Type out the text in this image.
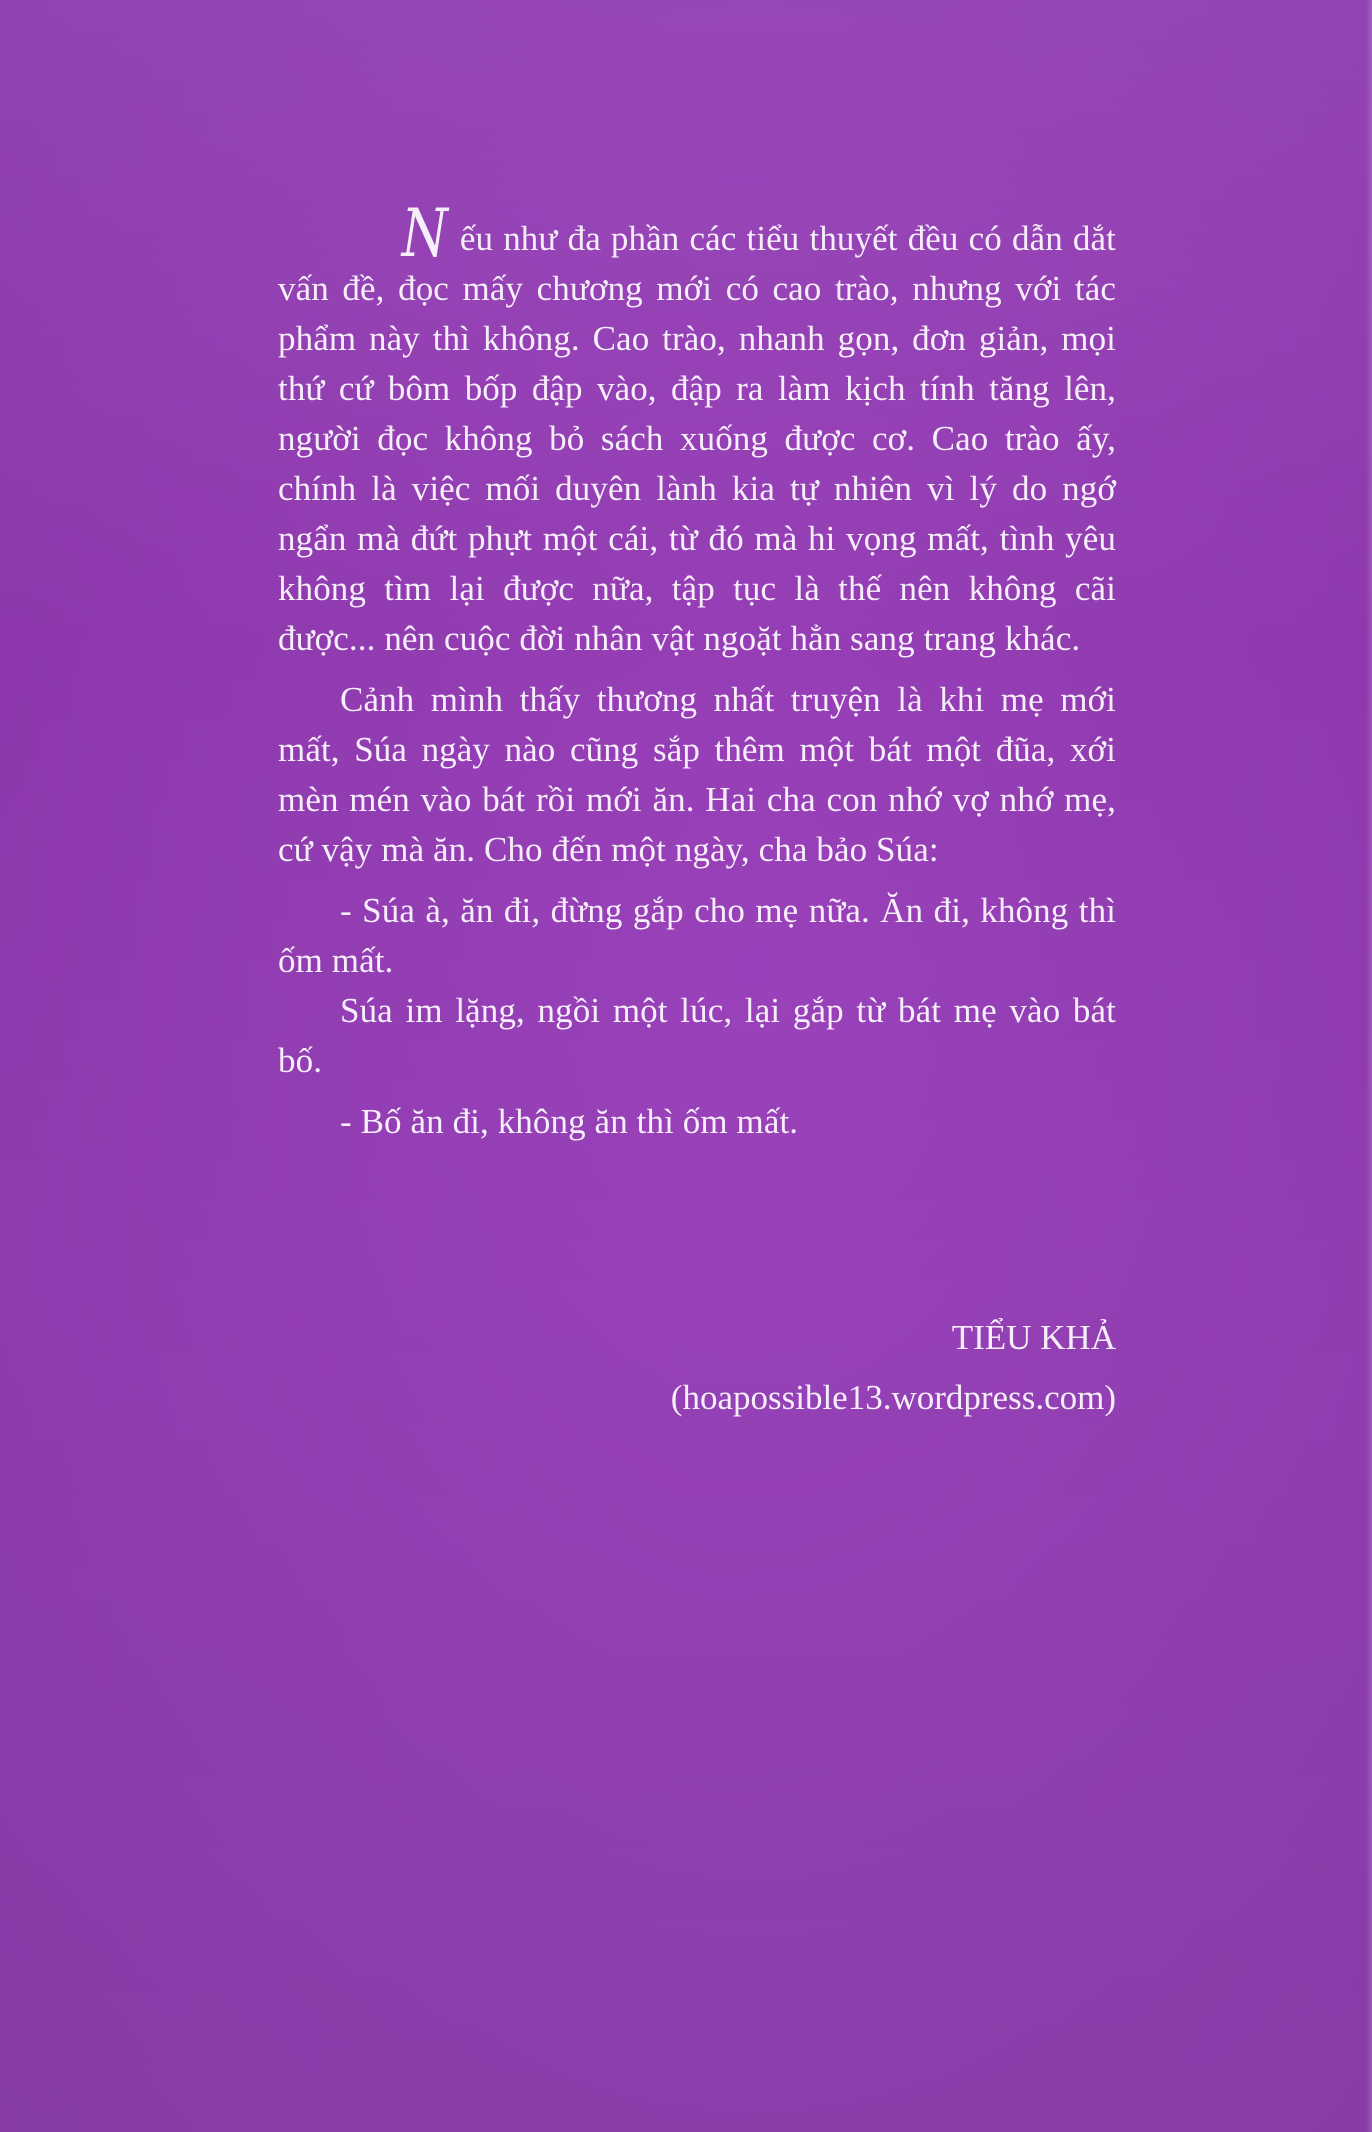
Nếu như đa phần các tiểu thuyết đều có dẫn dắt vấn đề, đọc mấy chương mới có cao trào, nhưng với tác phẩm này thì không. Cao trào, nhanh gọn, đơn giản, mọi thứ cứ bôm bốp đập vào, đập ra làm kịch tính tăng lên, người đọc không bỏ sách xuống được cơ. Cao trào ấy, chính là việc mối duyên lành kia tự nhiên vì lý do ngớ ngẩn mà đứt phựt một cái, từ đó mà hi vọng mất, tình yêu không tìm lại được nữa, tập tục là thế nên không cãi được... nên cuộc đời nhân vật ngoặt hẳn sang trang khác.

Cảnh mình thấy thương nhất truyện là khi mẹ mới mất, Súa ngày nào cũng sắp thêm một bát một đũa, xới mèn mén vào bát rồi mới ăn. Hai cha con nhớ vợ nhớ mẹ, cứ vậy mà ăn. Cho đến một ngày, cha bảo Súa:

- Súa à, ăn đi, đừng gắp cho mẹ nữa. Ăn đi, không thì ốm mất.

Súa im lặng, ngồi một lúc, lại gắp từ bát mẹ vào bát bố.

- Bố ăn đi, không ăn thì ốm mất.

TIỂU KHẢ
(hoapossible13.wordpress.com)
